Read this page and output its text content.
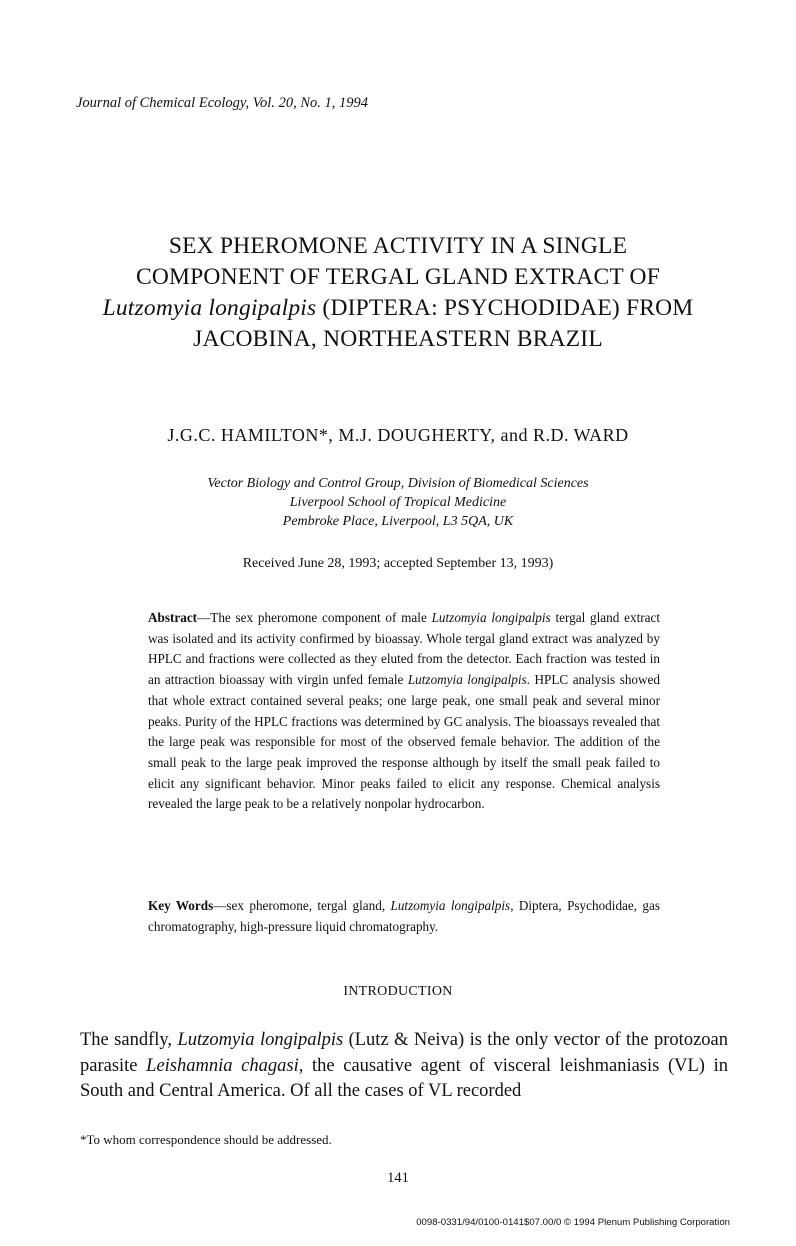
Journal of Chemical Ecology, Vol. 20, No. 1, 1994
SEX PHEROMONE ACTIVITY IN A SINGLE
COMPONENT OF TERGAL GLAND EXTRACT OF
Lutzomyia longipalpis (DIPTERA: PSYCHODIDAE) FROM
JACOBINA, NORTHEASTERN BRAZIL
J.G.C. HAMILTON*, M.J. DOUGHERTY, and R.D. WARD
Vector Biology and Control Group, Division of Biomedical Sciences
Liverpool School of Tropical Medicine
Pembroke Place, Liverpool, L3 5QA, UK
Received June 28, 1993; accepted September 13, 1993)
Abstract—The sex pheromone component of male Lutzomyia longipalpis tergal gland extract was isolated and its activity confirmed by bioassay. Whole tergal gland extract was analyzed by HPLC and fractions were collected as they eluted from the detector. Each fraction was tested in an attraction bioassay with virgin unfed female Lutzomyia longipalpis. HPLC analysis showed that whole extract contained several peaks; one large peak, one small peak and several minor peaks. Purity of the HPLC fractions was determined by GC analysis. The bioassays revealed that the large peak was responsible for most of the observed female behavior. The addition of the small peak to the large peak improved the response although by itself the small peak failed to elicit any significant behavior. Minor peaks failed to elicit any response. Chemical analysis revealed the large peak to be a relatively nonpolar hydrocarbon.
Key Words—sex pheromone, tergal gland, Lutzomyia longipalpis, Diptera, Psychodidae, gas chromatography, high-pressure liquid chromatography.
INTRODUCTION
The sandfly, Lutzomyia longipalpis (Lutz & Neiva) is the only vector of the protozoan parasite Leishamnia chagasi, the causative agent of visceral leishmaniasis (VL) in South and Central America. Of all the cases of VL recorded
*To whom correspondence should be addressed.
141
0098-0331/94/0100-0141$07.00/0 © 1994 Plenum Publishing Corporation
